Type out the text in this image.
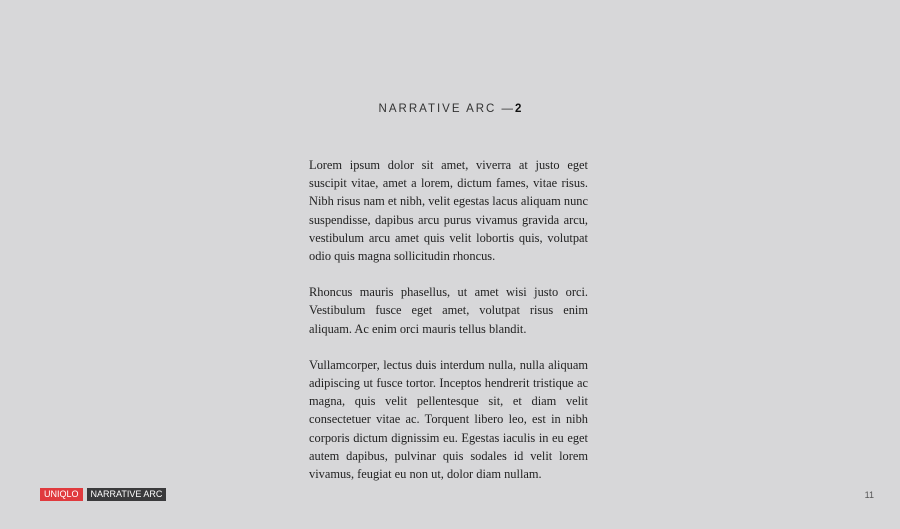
NARRATIVE ARC —2

Lorem ipsum dolor sit amet, viverra at justo eget suscipit vitae, amet a lorem, dictum fames, vitae risus. Nibh risus nam et nibh, velit egestas lacus aliquam nunc suspendisse, dapibus arcu purus vivamus gravida arcu, vestibulum arcu amet quis velit lobortis quis, volutpat odio quis magna sollicitudin rhoncus.

Rhoncus mauris phasellus, ut amet wisi justo orci. Vestibulum fusce eget amet, volutpat risus enim aliquam. Ac enim orci mauris tellus blandit.

Vullamcorper, lectus duis interdum nulla, nulla aliquam adipiscing ut fusce tortor. Inceptos hendrerit tristique ac magna, quis velit pellentesque sit, et diam velit consectetuer vitae ac. Torquent libero leo, est in nibh corporis dictum dignissim eu. Egestas iaculis in eu eget autem dapibus, pulvinar quis sodales id velit lorem vivamus, feugiat eu non ut, dolor diam nullam.

UNIQLO	NARRATIVE ARC	11
